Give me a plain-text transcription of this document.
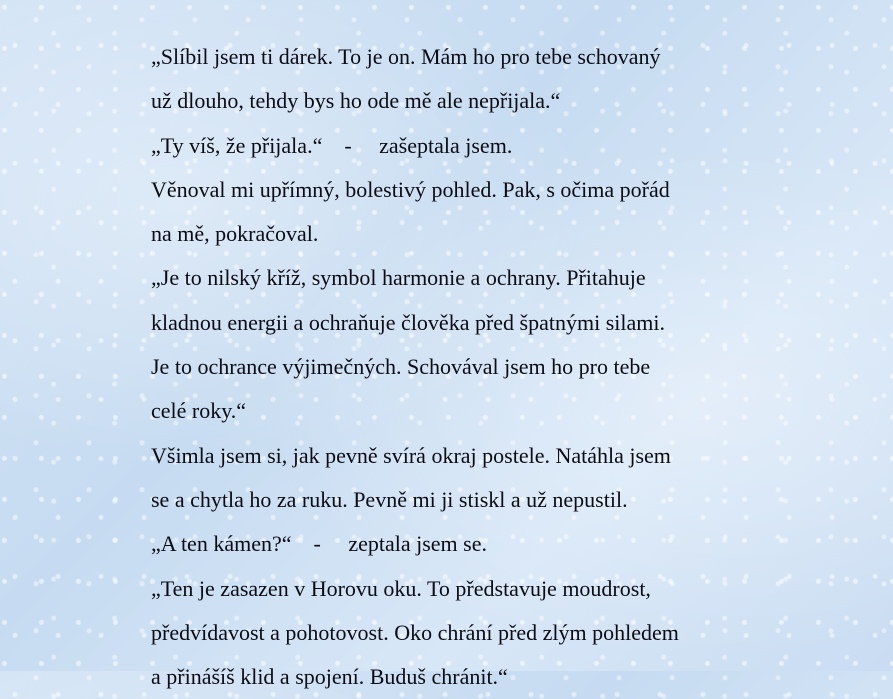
„Slíbil jsem ti dárek. To je on. Mám ho pro tebe schovaný

už dlouho, tehdy bys ho ode mě ale nepřijala.“

„Ty víš, že přijala.“    -     zašeptala jsem.

Věnoval mi upřímný, bolestivý pohled. Pak, s očima pořád

na mě, pokračoval.

„Je to nilský kříž, symbol harmonie a ochrany. Přitahuje

kladnou energii a ochraňuje člověka před špatnými silami.

Je to ochrance výjimečných. Schovával jsem ho pro tebe

celé roky.“

Všimla jsem si, jak pevně svírá okraj postele. Natáhla jsem

se a chytla ho za ruku. Pevně mi ji stiskl a už nepustil.

„A ten kámen?“    -     zeptala jsem se.

„Ten je zasazen v Horovu oku. To představuje moudrost,

předvídavost a pohotovost. Oko chrání před zlým pohledem

a přinášíš klid a spojení. Buduš chránit.“
